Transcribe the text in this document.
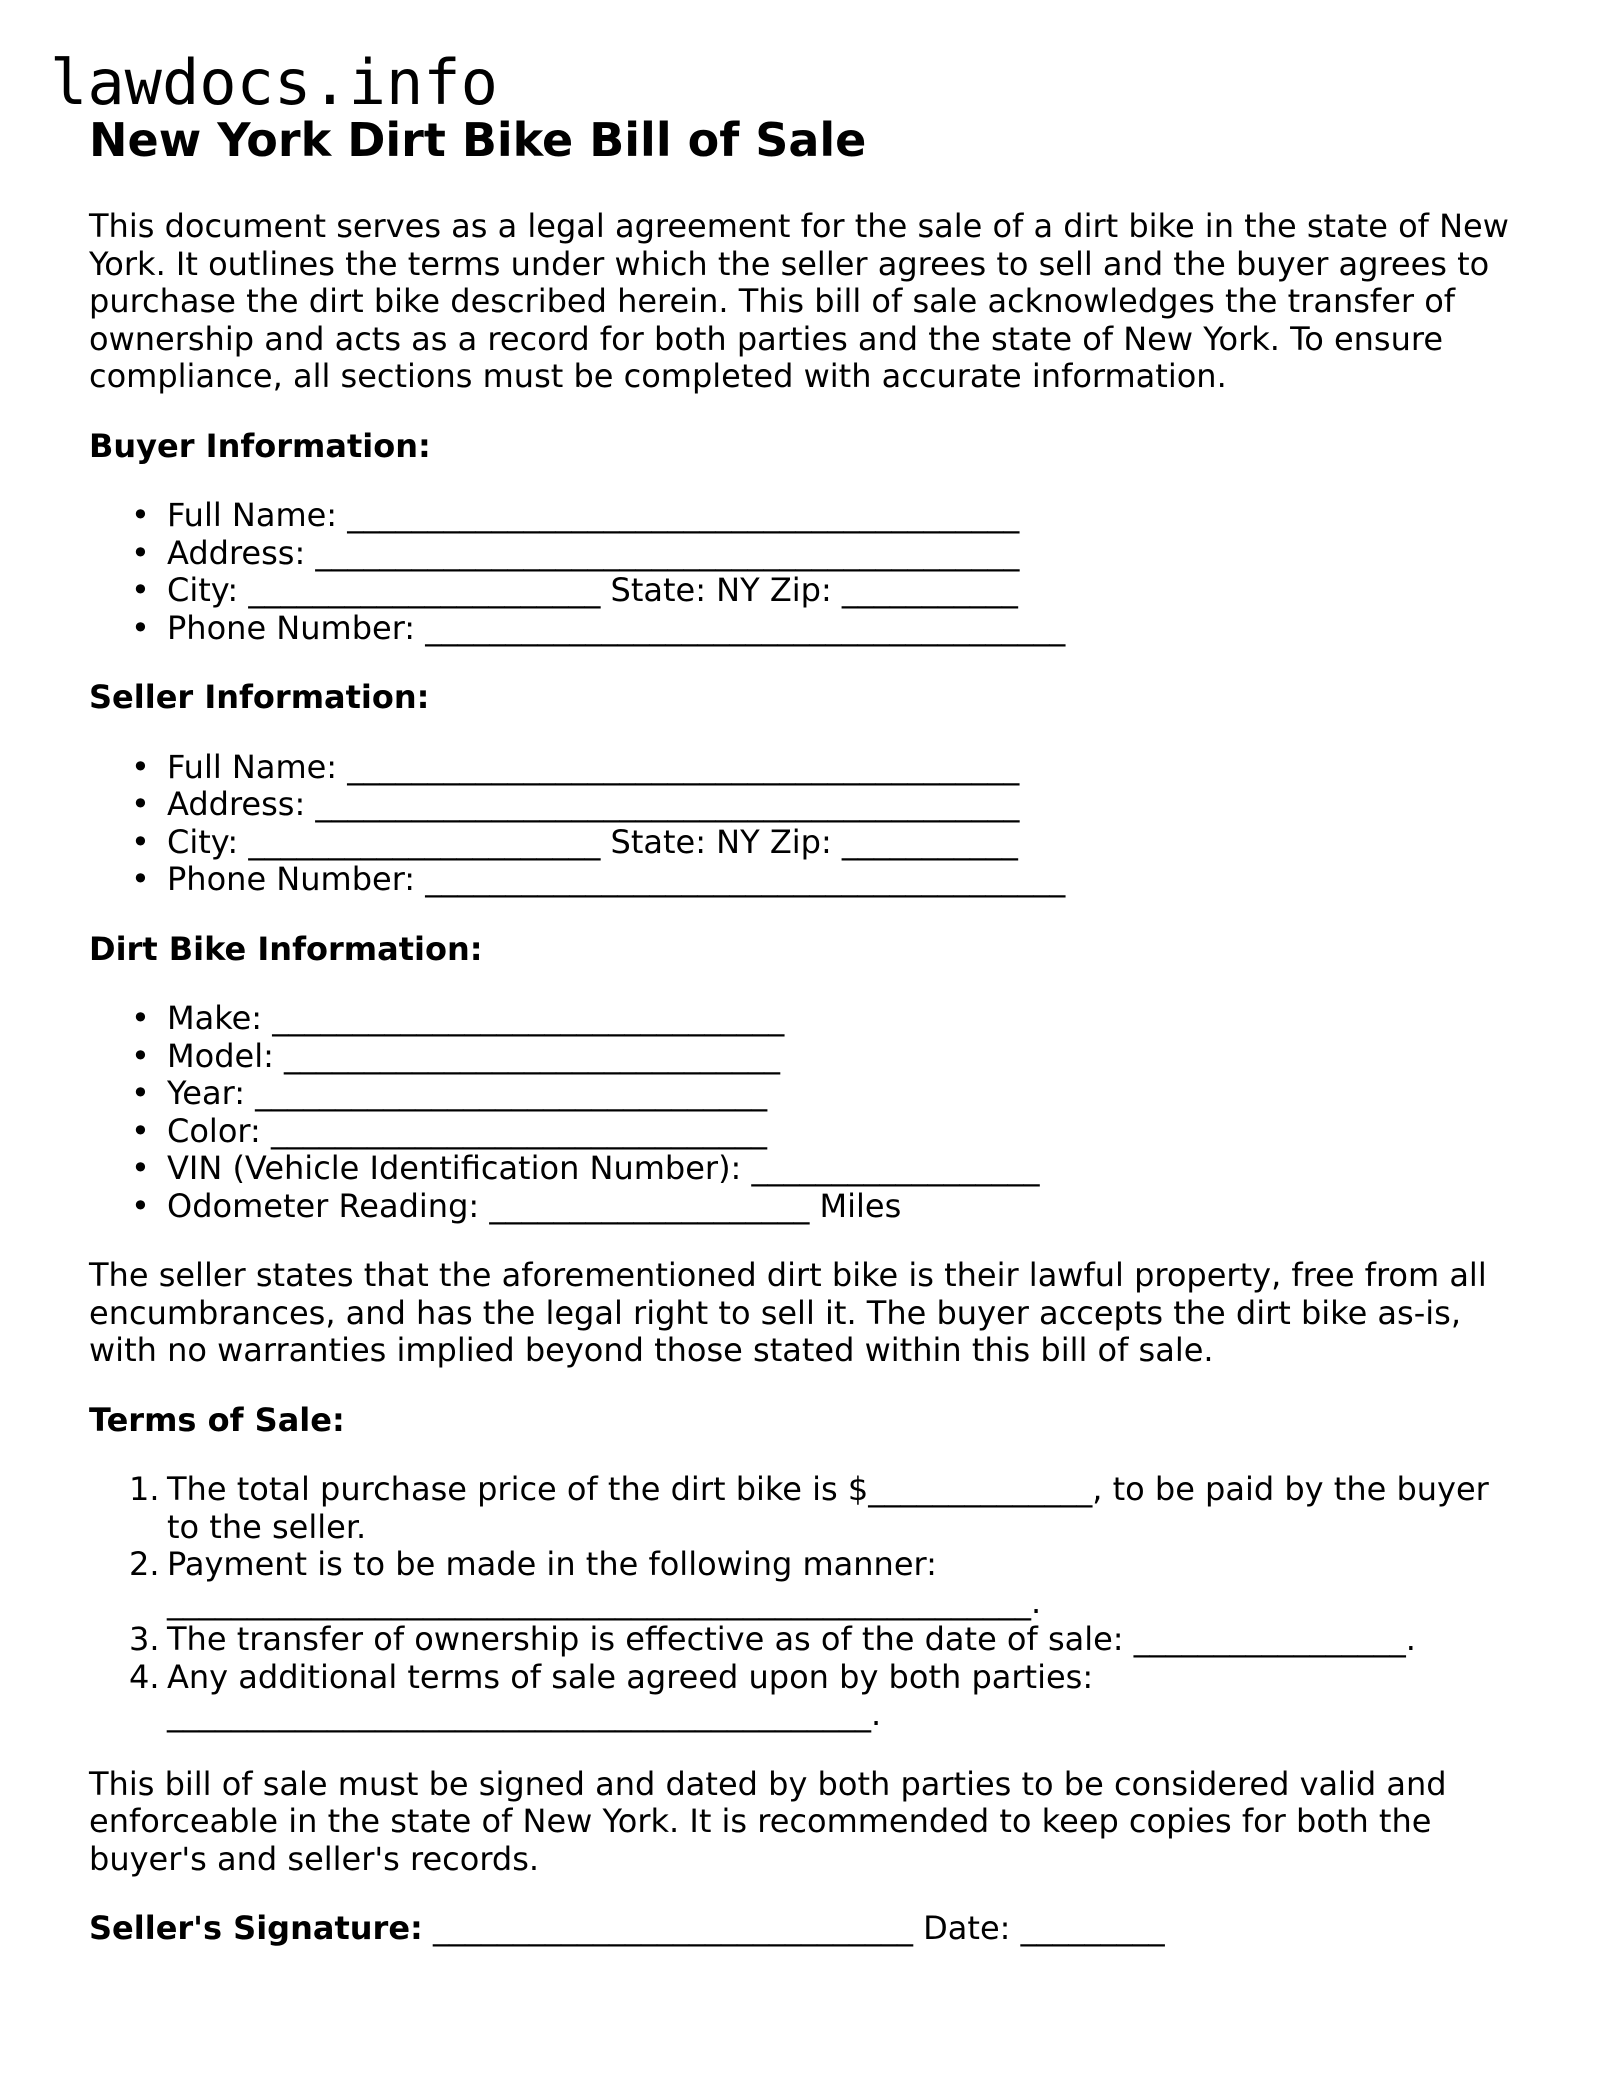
lawdocs.info
New York Dirt Bike Bill of Sale

This document serves as a legal agreement for the sale of a dirt bike in the state of New York. It outlines the terms under which the seller agrees to sell and the buyer agrees to purchase the dirt bike described herein. This bill of sale acknowledges the transfer of ownership and acts as a record for both parties and the state of New York. To ensure compliance, all sections must be completed with accurate information.

Buyer Information:

• Full Name: __________________________________________
• Address: ____________________________________________
• City: ______________________ State: NY Zip: ___________
• Phone Number: ________________________________________

Seller Information:

• Full Name: __________________________________________
• Address: ____________________________________________
• City: ______________________ State: NY Zip: ___________
• Phone Number: ________________________________________

Dirt Bike Information:

• Make: ________________________________
• Model: _______________________________
• Year: ________________________________
• Color: _______________________________
• VIN (Vehicle Identification Number): __________________
• Odometer Reading: ____________________ Miles

The seller states that the aforementioned dirt bike is their lawful property, free from all encumbrances, and has the legal right to sell it. The buyer accepts the dirt bike as-is, with no warranties implied beyond those stated within this bill of sale.

Terms of Sale:

1. The total purchase price of the dirt bike is $______________, to be paid by the buyer to the seller.
2. Payment is to be made in the following manner: ______________________________________________________.
3. The transfer of ownership is effective as of the date of sale: _________________.
4. Any additional terms of sale agreed upon by both parties: ____________________________________________.

This bill of sale must be signed and dated by both parties to be considered valid and enforceable in the state of New York. It is recommended to keep copies for both the buyer's and seller's records.

Seller's Signature: ______________________________ Date: _________
